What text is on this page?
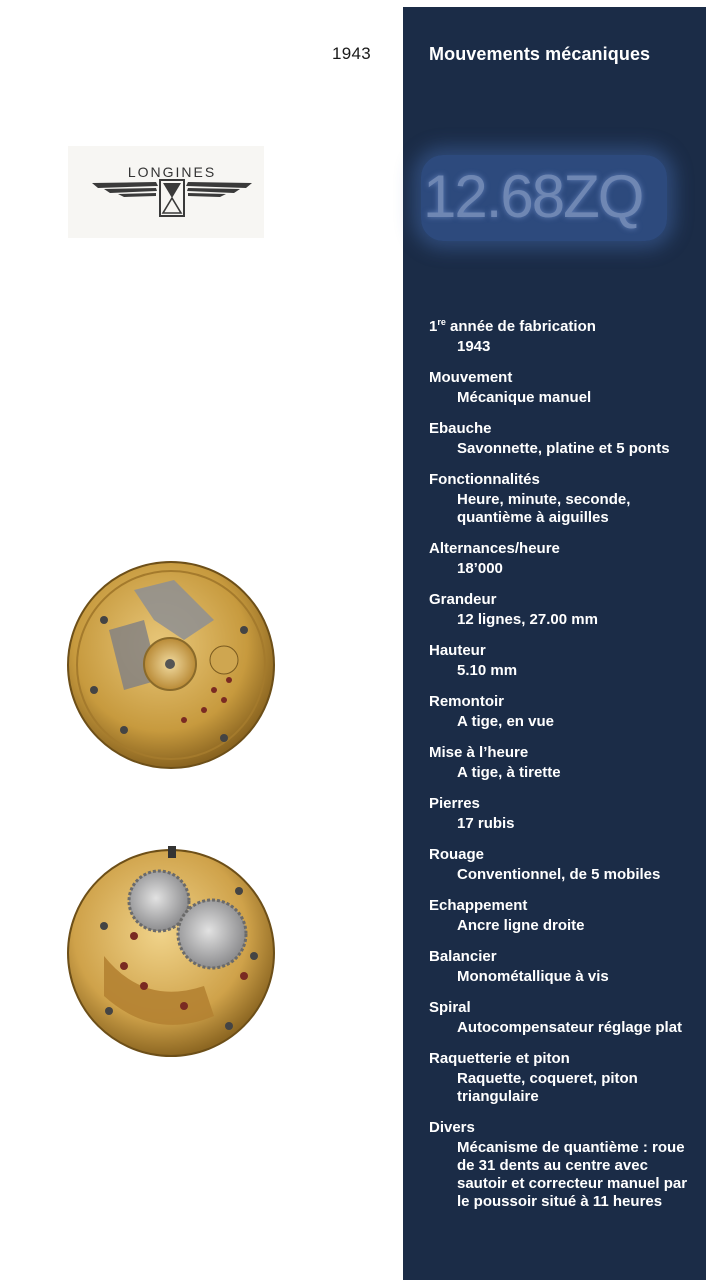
1943
LONGINES
Mouvements mécaniques
12.68ZQ
1re année de fabrication
1943
Mouvement
Mécanique manuel
Ebauche
Savonnette, platine et 5 ponts
Fonctionnalités
Heure, minute, seconde, quantième à aiguilles
Alternances/heure
18’000
Grandeur
12 lignes, 27.00 mm
Hauteur
5.10 mm
Remontoir
A tige, en vue
Mise à l’heure
A tige, à tirette
Pierres
17 rubis
Rouage
Conventionnel, de 5 mobiles
Echappement
Ancre ligne droite
Balancier
Monométallique à vis
Spiral
Autocompensateur réglage plat
Raquetterie et piton
Raquette, coqueret, piton triangulaire
Divers
Mécanisme de quantième : roue de 31 dents au centre avec sautoir et correcteur manuel par le poussoir situé à 11 heures
